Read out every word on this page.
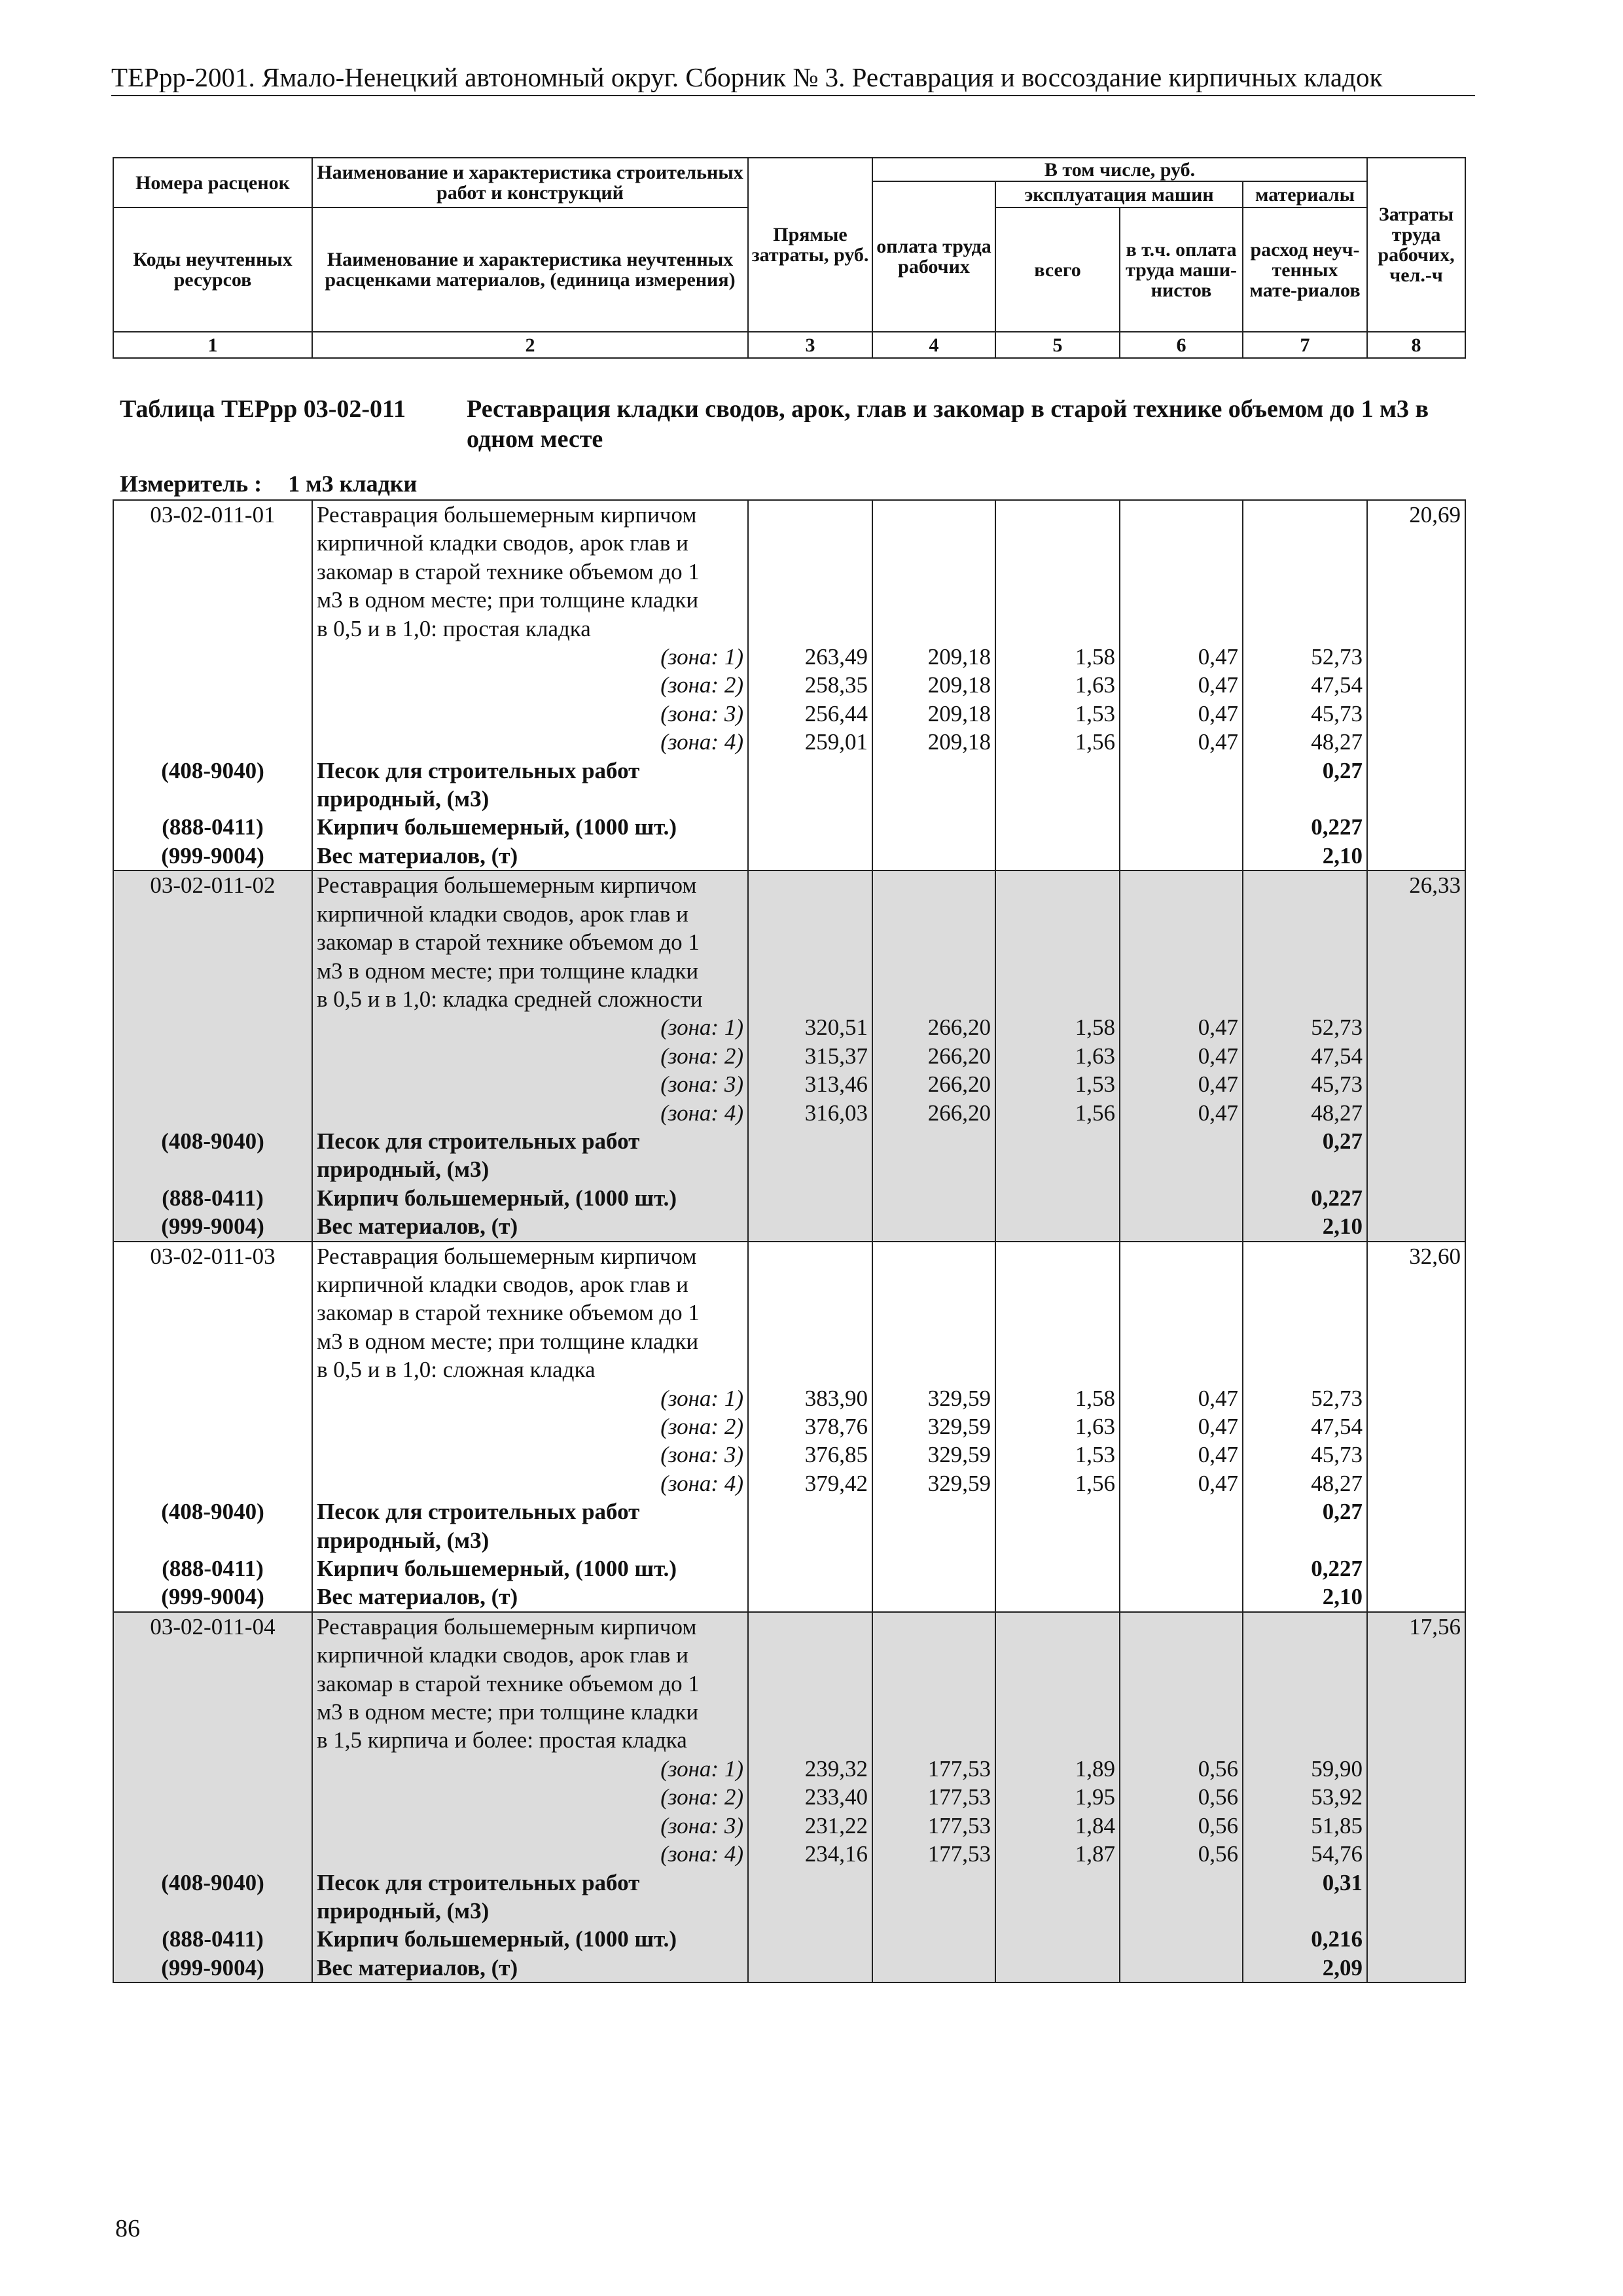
ТЕРрр-2001. Ямало-Ненецкий автономный округ. Сборник № 3. Реставрация и воссоздание кирпичных кладок
Номера расценок	Наименование и характеристика строительных работ и конструкций	Прямые затраты, руб.	В том числе, руб.				Затраты труда рабочих, чел.-ч
			оплата труда рабочих	эксплуатация машин		материалы	
Коды неучтенных ресурсов	Наименование и характеристика неучтенных расценками материалов, (единица измерения)			всего	в т.ч. оплата труда маши-нистов	расход неуч-тенных мате-риалов	

1	2	3	4	5	6	7	8
Таблица ТЕРрр 03-02-011 Реставрация кладки сводов, арок, глав и закомар в старой технике объемом до 1 м3 в одном месте
Измеритель : 1 м3 кладки
03-02-011-01	Реставрация большемерным кирпичом						20,69
	кирпичной кладки сводов, арок глав и						
	закомар в старой технике объемом до 1						
	м3 в одном месте; при толщине кладки						
	в 0,5 и в 1,0: простая кладка						
	(зона: 1)	263,49	209,18	1,58	0,47	52,73	
	(зона: 2)	258,35	209,18	1,63	0,47	47,54	
	(зона: 3)	256,44	209,18	1,53	0,47	45,73	
	(зона: 4)	259,01	209,18	1,56	0,47	48,27	
(408-9040)	Песок для строительных работ					0,27	
	природный, (м3)						
(888-0411)	Кирпич большемерный, (1000 шт.)					0,227	
(999-9004)	Вес материалов, (т)					2,10	
03-02-011-02	Реставрация большемерным кирпичом						26,33
	кирпичной кладки сводов, арок глав и						
	закомар в старой технике объемом до 1						
	м3 в одном месте; при толщине кладки						
	в 0,5 и в 1,0: кладка средней сложности						
	(зона: 1)	320,51	266,20	1,58	0,47	52,73	
	(зона: 2)	315,37	266,20	1,63	0,47	47,54	
	(зона: 3)	313,46	266,20	1,53	0,47	45,73	
	(зона: 4)	316,03	266,20	1,56	0,47	48,27	
(408-9040)	Песок для строительных работ					0,27	
	природный, (м3)						
(888-0411)	Кирпич большемерный, (1000 шт.)					0,227	
(999-9004)	Вес материалов, (т)					2,10	
03-02-011-03	Реставрация большемерным кирпичом						32,60
	кирпичной кладки сводов, арок глав и						
	закомар в старой технике объемом до 1						
	м3 в одном месте; при толщине кладки						
	в 0,5 и в 1,0: сложная кладка						
	(зона: 1)	383,90	329,59	1,58	0,47	52,73	
	(зона: 2)	378,76	329,59	1,63	0,47	47,54	
	(зона: 3)	376,85	329,59	1,53	0,47	45,73	
	(зона: 4)	379,42	329,59	1,56	0,47	48,27	
(408-9040)	Песок для строительных работ					0,27	
	природный, (м3)						
(888-0411)	Кирпич большемерный, (1000 шт.)					0,227	
(999-9004)	Вес материалов, (т)					2,10	
03-02-011-04	Реставрация большемерным кирпичом						17,56
	кирпичной кладки сводов, арок глав и						
	закомар в старой технике объемом до 1						
	м3 в одном месте; при толщине кладки						
	в 1,5 кирпича и более: простая кладка						
	(зона: 1)	239,32	177,53	1,89	0,56	59,90	
	(зона: 2)	233,40	177,53	1,95	0,56	53,92	
	(зона: 3)	231,22	177,53	1,84	0,56	51,85	
	(зона: 4)	234,16	177,53	1,87	0,56	54,76	
(408-9040)	Песок для строительных работ					0,31	
	природный, (м3)						
(888-0411)	Кирпич большемерный, (1000 шт.)					0,216	
(999-9004)	Вес материалов, (т)					2,09	
86
